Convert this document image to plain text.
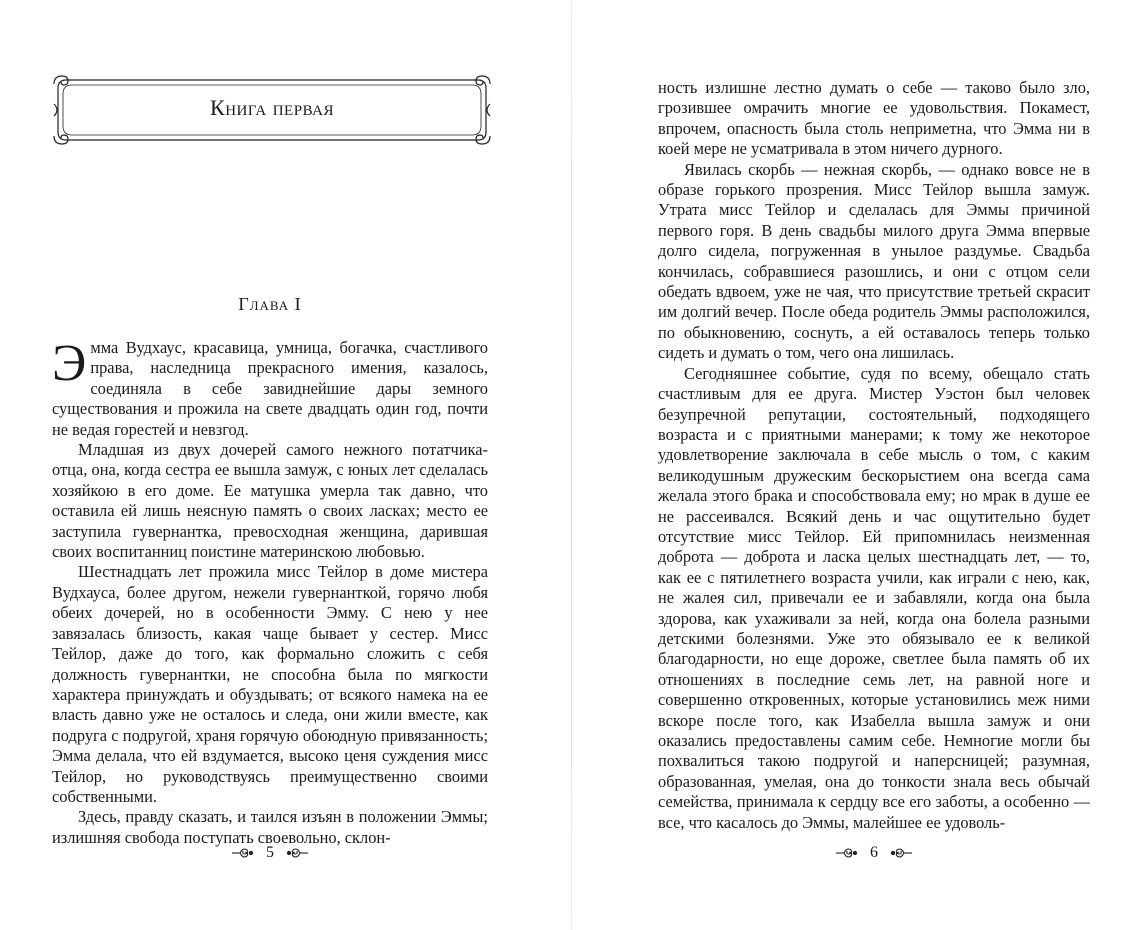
Книга первая
Глава I

Эмма Вудхаус, красавица, умница, богачка, счастливого права, наследница прекрасного имения, казалось, соединяла в себе завиднейшие дары земного существования и прожила на свете двадцать один год, почти не ведая горестей и невзгод.

Младшая из двух дочерей самого нежного потатчика-отца, она, когда сестра ее вышла замуж, с юных лет сделалась хозяйкою в его доме. Ее матушка умерла так давно, что оставила ей лишь неясную память о своих ласках; место ее заступила гувернантка, превосходная женщина, дарившая своих воспитанниц поистине материнскою любовью.

Шестнадцать лет прожила мисс Тейлор в доме мистера Вудхауса, более другом, нежели гувернанткой, горячо любя обеих дочерей, но в особенности Эмму. С нею у нее завязалась близость, какая чаще бывает у сестер. Мисс Тейлор, даже до того, как формально сложить с себя должность гувернантки, не способна была по мягкости характера принуждать и обуздывать; от всякого намека на ее власть давно уже не осталось и следа, они жили вместе, как подруга с подругой, храня горячую обоюдную привязанность; Эмма делала, что ей вздумается, высоко ценя суждения мисс Тейлор, но руководствуясь преимущественно своими собственными.

Здесь, правду сказать, и таился изъян в положении Эммы; излишняя свобода поступать своевольно, склон-

5

ность излишне лестно думать о себе — таково было зло, грозившее омрачить многие ее удовольствия. Покамест, впрочем, опасность была столь неприметна, что Эмма ни в коей мере не усматривала в этом ничего дурного.

Явилась скорбь — нежная скорбь, — однако вовсе не в образе горького прозрения. Мисс Тейлор вышла замуж. Утрата мисс Тейлор и сделалась для Эммы причиной первого горя. В день свадьбы милого друга Эмма впервые долго сидела, погруженная в унылое раздумье. Свадьба кончилась, собравшиеся разошлись, и они с отцом сели обедать вдвоем, уже не чая, что присутствие третьей скрасит им долгий вечер. После обеда родитель Эммы расположился, по обыкновению, соснуть, а ей оставалось теперь только сидеть и думать о том, чего она лишилась.

Сегодняшнее событие, судя по всему, обещало стать счастливым для ее друга. Мистер Уэстон был человек безупречной репутации, состоятельный, подходящего возраста и с приятными манерами; к тому же некоторое удовлетворение заключала в себе мысль о том, с каким великодушным дружеским бескорыстием она всегда сама желала этого брака и способствовала ему; но мрак в душе ее не рассеивался. Всякий день и час ощутительно будет отсутствие мисс Тейлор. Ей припомнилась неизменная доброта — доброта и ласка целых шестнадцать лет, — то, как ее с пятилетнего возраста учили, как играли с нею, как, не жалея сил, привечали ее и забавляли, когда она была здорова, как ухаживали за ней, когда она болела разными детскими болезнями. Уже это обязывало ее к великой благодарности, но еще дороже, светлее была память об их отношениях в последние семь лет, на равной ноге и совершенно откровенных, которые установились меж ними вскоре после того, как Изабелла вышла замуж и они оказались предоставлены самим себе. Немногие могли бы похвалиться такою подругой и наперсницей; разумная, образованная, умелая, она до тонкости знала весь обычай семейства, принимала к сердцу все его заботы, а особенно — все, что касалось до Эммы, малейшее ее удоволь-

6
